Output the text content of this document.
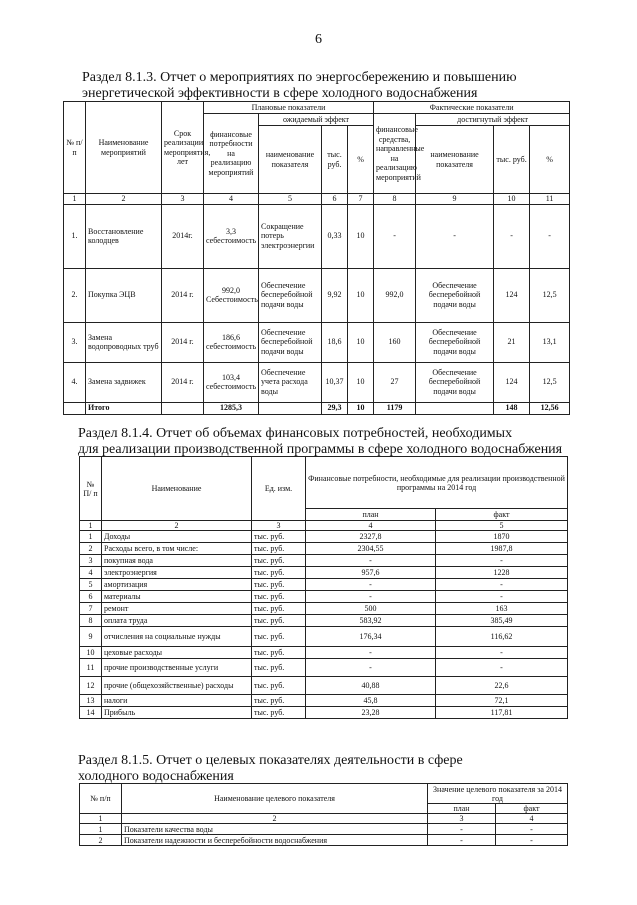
6
Раздел 8.1.3. Отчет о мероприятиях по энергосбережению и повышению
энергетической эффективности в сфере холодного водоснабжения
№ п/п	Наименование мероприятий	Срок реализации мероприятия, лет	Плановые показатели				Фактические показатели			
			финансовые потребности на реализацию мероприятий	ожидаемый эффект			финансовые средства, направленные на реализацию мероприятий	достигнутый эффект		
				наименование показателя	тыс. руб.	%		наименование показателя	тыс. руб.	%
1	2	3	4	5	6	7	8	9	10	11
1.	Восстановление колодцев	2014г.	3,3 себестоимость	Сокращение потерь электроэнергии	0,33	10	-	-	-	-
2.	Покупка ЭЦВ	2014 г.	992,0 Себестоимость	Обеспечение бесперебойной подачи воды	9,92	10	992,0	Обеспечение бесперебойной подачи воды	124	12,5
3.	Замена водопроводных труб	2014 г.	186,6 себестоимость	Обеспечение бесперебойной подачи воды	18,6	10	160	Обеспечение бесперебойной подачи воды	21	13,1
4.	Замена задвижек	2014 г.	103,4 себестоимость	Обеспечение учета расхода воды	10,37	10	27	Обеспечение бесперебойной подачи воды	124	12,5
	Итого		1285,3		29,3	10	1179		148	12,56
Раздел 8.1.4. Отчет об объемах финансовых потребностей, необходимых
для реализации производственной программы в сфере холодного водоснабжения
№ П/ п	Наименование	Ед. изм.	Финансовые потребности, необходимые для реализации производственной программы на 2014 год	
			план	факт
1	2	3	4	5
1	Доходы	тыс. руб.	2327,8	1870
2	Расходы всего, в том числе:	тыс. руб.	2304,55	1987,8
3	покупная вода	тыс. руб.	-	-
4	электроэнергия	тыс. руб.	957,6	1228
5	амортизация	тыс. руб.	-	-
6	материалы	тыс. руб.	-	-
7	ремонт	тыс. руб.	500	163
8	оплата труда	тыс. руб.	583,92	385,49
9	отчисления на социальные нужды	тыс. руб.	176,34	116,62
10	цеховые расходы	тыс. руб.	-	-
11	прочие производственные услуги	тыс. руб.	-	-
12	прочие (общехозяйственные) расходы	тыс. руб.	40,88	22,6
13	налоги	тыс. руб.	45,8	72,1
14	Прибыль	тыс. руб.	23,28	117,81
Раздел 8.1.5. Отчет о целевых показателях деятельности в сфере
холодного водоснабжения
№ п/п	Наименование целевого показателя	Значение целевого показателя за 2014 год	
		план	факт
1	2	3	4
1	Показатели качества воды	-	-
2	Показатели надежности и бесперебойности водоснабжения	-	-
